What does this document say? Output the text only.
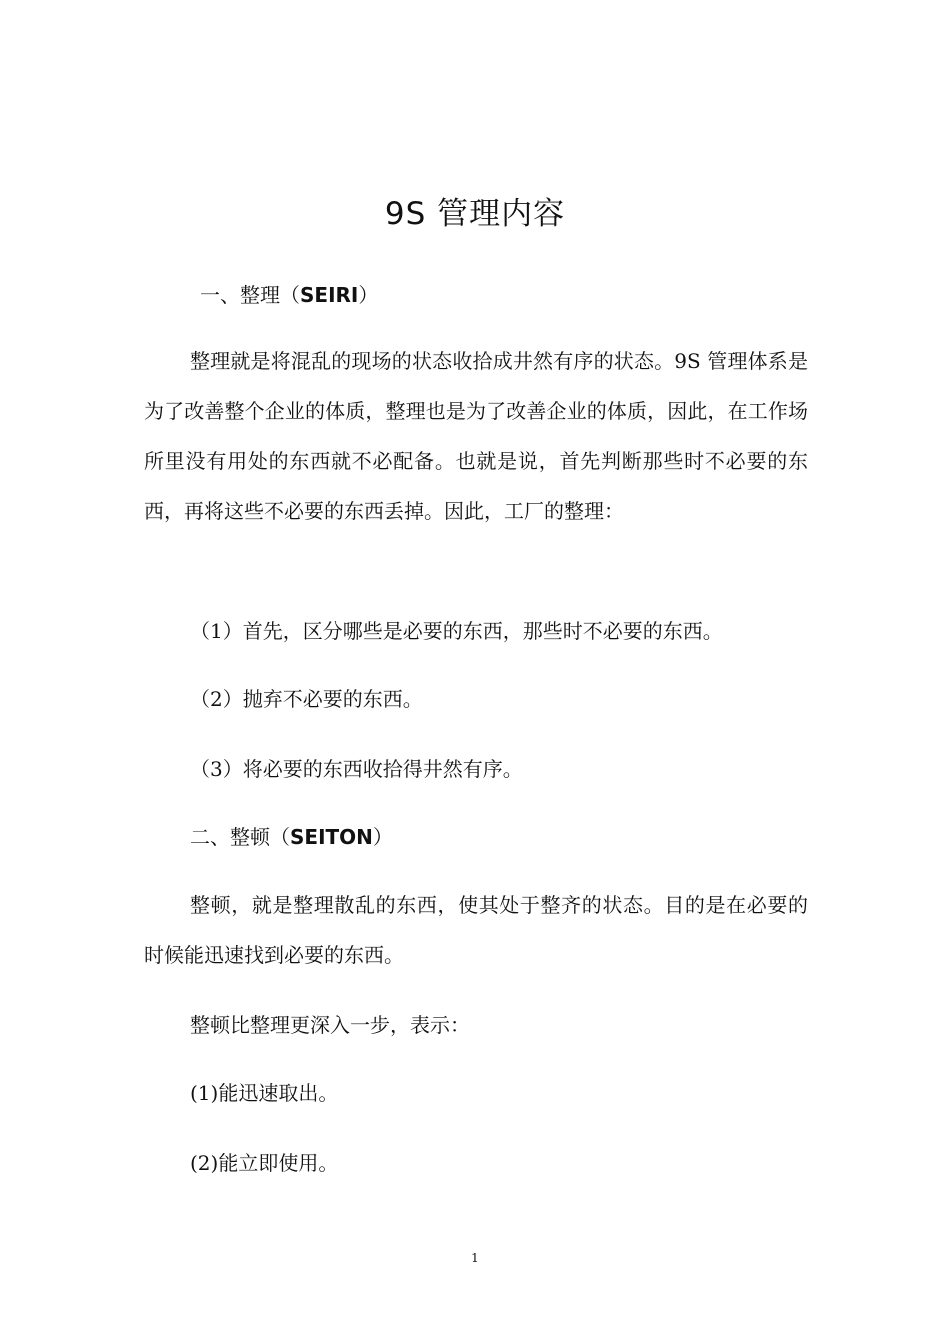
9S 管理内容
一、整理（SEIRI）
整理就是将混乱的现场的状态收拾成井然有序的状态。9S 管理体系是为了改善整个企业的体质，整理也是为了改善企业的体质，因此，在工作场所里没有用处的东西就不必配备。也就是说，首先判断那些时不必要的东西，再将这些不必要的东西丢掉。因此，工厂的整理：
（1）首先，区分哪些是必要的东西，那些时不必要的东西。
（2）抛弃不必要的东西。
（3）将必要的东西收拾得井然有序。
二、整顿（SEITON）
整顿，就是整理散乱的东西，使其处于整齐的状态。目的是在必要的时候能迅速找到必要的东西。
整顿比整理更深入一步，表示：
(1)能迅速取出。
(2)能立即使用。
1
